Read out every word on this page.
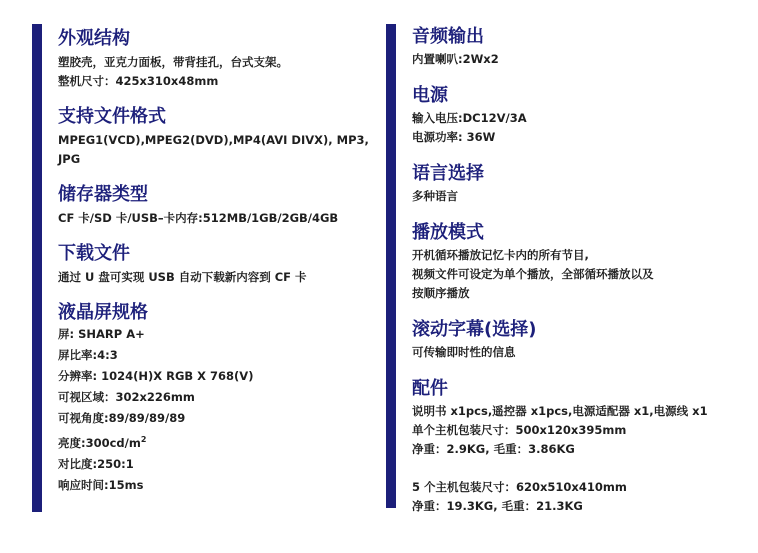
外观结构
塑胶壳，亚克力面板，带背挂孔，台式支架。
整机尺寸：425x310x48mm
支持文件格式
MPEG1(VCD),MPEG2(DVD),MP4(AVI DIVX), MP3,
JPG
储存器类型
CF 卡/SD 卡/USB–卡内存:512MB/1GB/2GB/4GB
下载文件
通过 U 盘可实现 USB 自动下载新内容到 CF 卡
液晶屏规格
屏: SHARP A+
屏比率:4:3
分辨率: 1024(H)X RGB X 768(V)
可视区域：302x226mm
可视角度:89/89/89/89
亮度$:300cd/m^2$
对比度:250:1
响应时间:15ms
音频输出
内置喇叭:2Wx2
电源
输入电压:DC12V/3A
电源功率: 36W
语言选择
多种语言
播放模式
开机循环播放记忆卡内的所有节目,
视频文件可设定为单个播放，全部循环播放以及
按顺序播放
滚动字幕(选择)
可传输即时性的信息
配件
说明书 x1pcs,遥控器 x1pcs,电源适配器 x1,电源线 x1
单个主机包装尺寸：500x120x395mm
净重：2.9KG, 毛重：3.86KG
5 个主机包装尺寸：620x510x410mm
净重：19.3KG, 毛重：21.3KG
